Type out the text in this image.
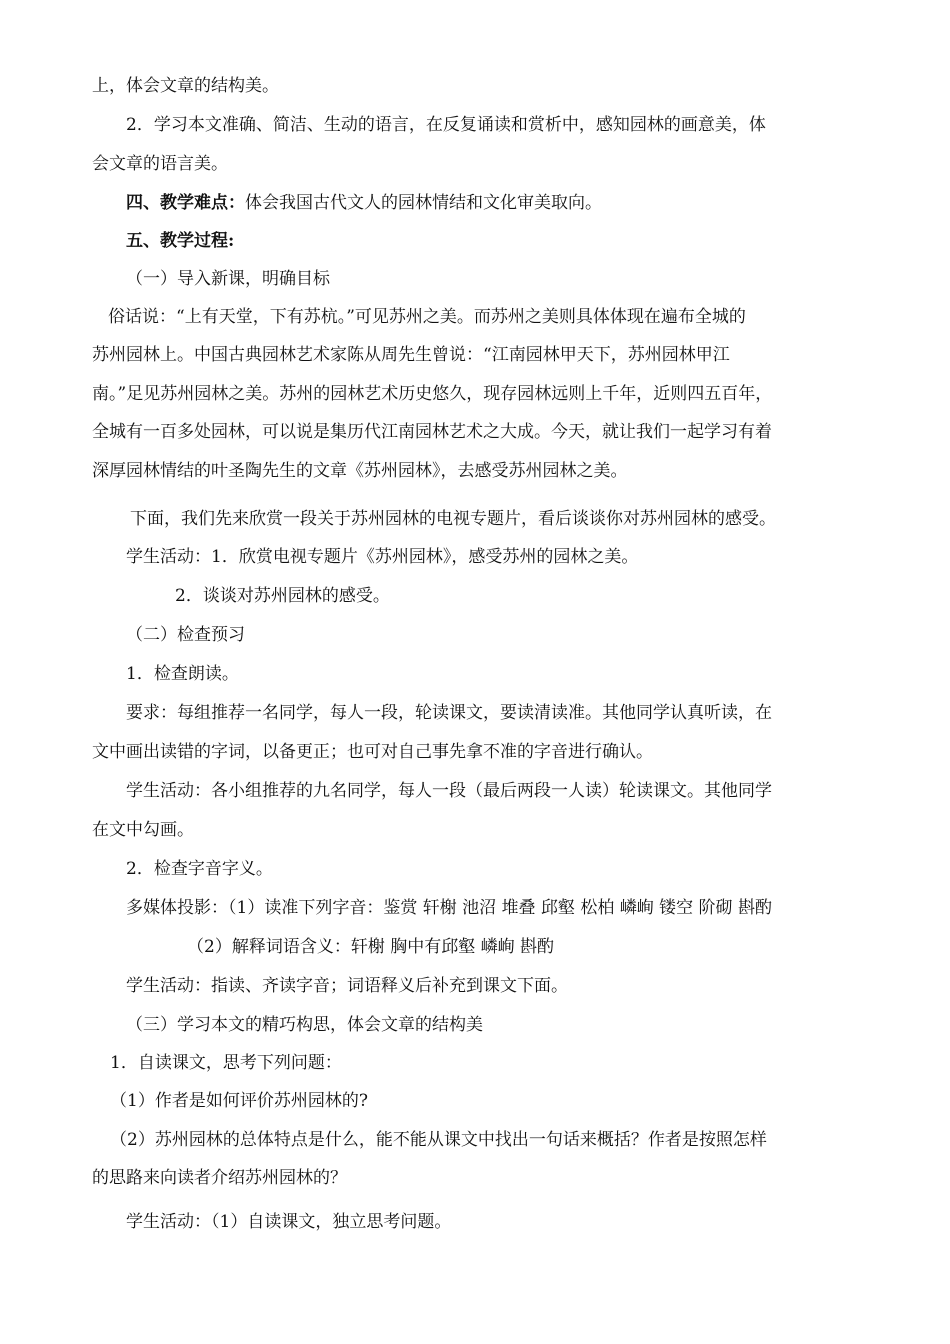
上，体会文章的结构美。
2．学习本文准确、简洁、生动的语言，在反复诵读和赏析中，感知园林的画意美，体
会文章的语言美。
四、教学难点：体会我国古代文人的园林情结和文化审美取向。
五、教学过程:
（一）导入新课，明确目标
俗话说：“上有天堂，下有苏杭。”可见苏州之美。而苏州之美则具体体现在遍布全城的
苏州园林上。中国古典园林艺术家陈从周先生曾说：“江南园林甲天下，苏州园林甲江
南。”足见苏州园林之美。苏州的园林艺术历史悠久，现存园林远则上千年，近则四五百年，
全城有一百多处园林，可以说是集历代江南园林艺术之大成。今天，就让我们一起学习有着
深厚园林情结的叶圣陶先生的文章《苏州园林》，去感受苏州园林之美。
下面，我们先来欣赏一段关于苏州园林的电视专题片，看后谈谈你对苏州园林的感受。
学生活动：1．欣赏电视专题片《苏州园林》，感受苏州的园林之美。
2．谈谈对苏州园林的感受。
（二）检查预习
1．检查朗读。
要求：每组推荐一名同学，每人一段，轮读课文，要读清读准。其他同学认真听读，在
文中画出读错的字词，以备更正；也可对自己事先拿不准的字音进行确认。
学生活动：各小组推荐的九名同学，每人一段（最后两段一人读）轮读课文。其他同学
在文中勾画。
2．检查字音字义。
多媒体投影：（1）读准下列字音：鉴赏 轩榭 池沼 堆叠 邱壑 松柏 嶙峋 镂空 阶砌 斟酌
（2）解释词语含义：轩榭 胸中有邱壑 嶙峋 斟酌
学生活动：指读、齐读字音；词语释义后补充到课文下面。
（三）学习本文的精巧构思，体会文章的结构美
1．自读课文，思考下列问题：
（1）作者是如何评价苏州园林的?
（2）苏州园林的总体特点是什么，能不能从课文中找出一句话来概括？作者是按照怎样
的思路来向读者介绍苏州园林的？
学生活动：（1）自读课文，独立思考问题。
